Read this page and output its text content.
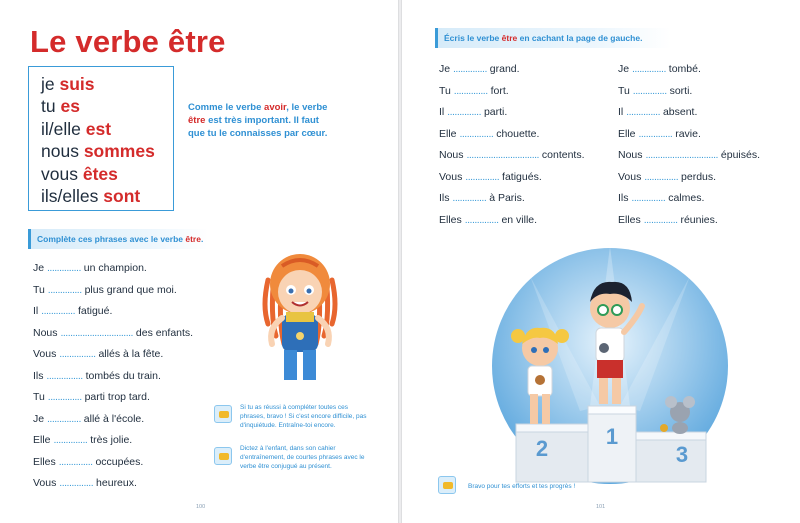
Le verbe être
je suis
tu es
il/elle est
nous sommes
vous êtes
ils/elles sont
Comme le verbe avoir, le verbe être est très important. Il faut que tu le connaisses par cœur.
Complète ces phrases avec le verbe être.
Je .............. un champion.
Tu .............. plus grand que moi.
Il .............. fatigué.
Nous .............................. des enfants.
Vous ............... allés à la fête.
Ils ............... tombés du train.
Tu .............. parti trop tard.
Je .............. allé à l'école.
Elle .............. très jolie.
Elles .............. occupées.
Vous .............. heureux.
Si tu as réussi à compléter toutes ces phrases, bravo ! Si c'est encore difficile, pas d'inquiétude. Entraîne-toi encore.
Dictez à l'enfant, dans son cahier d'entraînement, de courtes phrases avec le verbe être conjugué au présent.
100
Écris le verbe être en cachant la page de gauche.
Je .............. grand.
Tu .............. fort.
Il .............. parti.
Elle .............. chouette.
Nous .............................. contents.
Vous .............. fatigués.
Ils .............. à Paris.
Elles .............. en ville.
Je .............. tombé.
Tu .............. sorti.
Il .............. absent.
Elle .............. ravie.
Nous .............................. épuisés.
Vous .............. perdus.
Ils .............. calmes.
Elles .............. réunies.
1
2	3
Bravo pour tes efforts et tes progrès !
101
